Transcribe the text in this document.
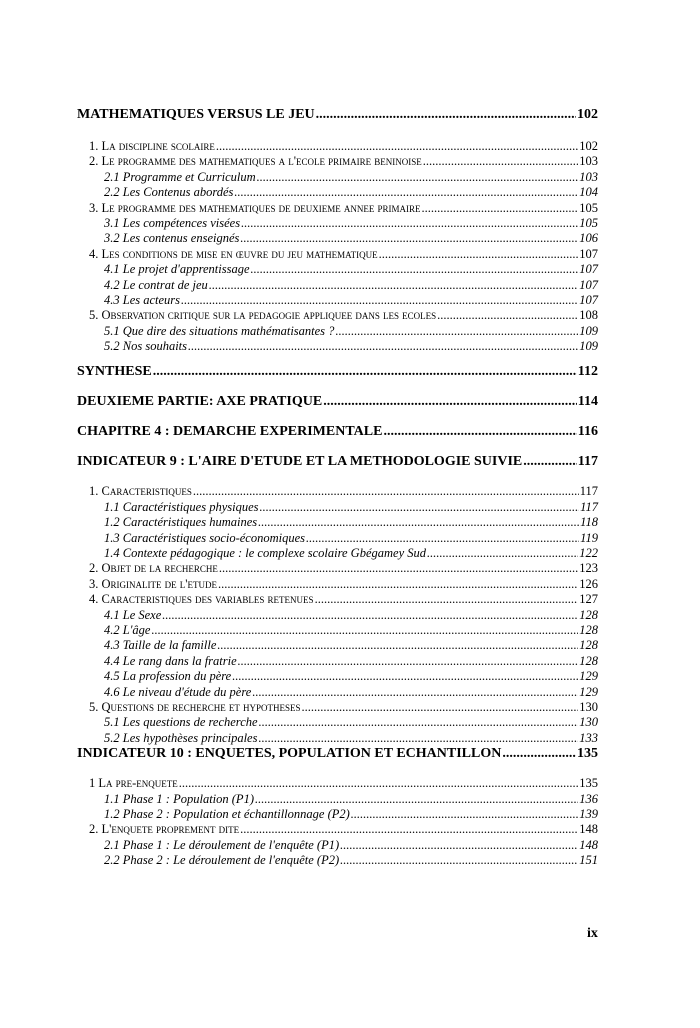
MATHEMATIQUES VERSUS LE JEU .....	102
1. La discipline scolaire .....	102
2. Le programme des mathematiques a l'ecole primaire beninoise .....	103
2.1 Programme et Curriculum .....	103
2.2 Les Contenus abordés .....	104
3. Le programme des mathematiques de deuxieme annee primaire .....	105
3.1 Les compétences visées .....	105
3.2 Les contenus enseignés .....	106
4. Les conditions de mise en œuvre du jeu mathematique .....	107
4.1 Le projet d'apprentissage .....	107
4.2 Le contrat de jeu .....	107
4.3 Les acteurs .....	107
5. Observation critique sur la pedagogie appliquee dans les ecoles .....	108
5.1 Que dire des situations mathématisantes ? .....	109
5.2 Nos souhaits .....	109
SYNTHESE .....	112
DEUXIEME PARTIE: AXE PRATIQUE .....	114
CHAPITRE 4 : DEMARCHE EXPERIMENTALE .....	116
INDICATEUR 9 : L'AIRE D'ETUDE ET LA METHODOLOGIE SUIVIE .....	117
1. Caracteristiques .....	117
1.1 Caractéristiques physiques .....	117
1.2 Caractéristiques humaines .....	118
1.3 Caractéristiques socio-économiques .....	119
1.4 Contexte pédagogique : le complexe scolaire Gbégamey Sud .....	122
2. Objet de la recherche .....	123
3. Originalite de l'etude .....	126
4. Caracteristiques des variables retenues .....	127
4.1 Le Sexe .....	128
4.2 L'âge .....	128
4.3 Taille de la famille .....	128
4.4 Le rang dans la fratrie .....	128
4.5 La profession du père .....	129
4.6 Le niveau d'étude du père .....	129
5. Questions de recherche et hypotheses .....	130
5.1 Les questions de recherche .....	130
5.2 Les hypothèses principales .....	133
INDICATEUR 10 : ENQUETES, POPULATION ET ECHANTILLON .....	135
1 La pre-enquete .....	135
1.1 Phase 1 : Population (P1) .....	136
1.2 Phase 2 : Population et échantillonnage (P2) .....	139
2. L'enquete proprement dite .....	148
2.1 Phase 1 : Le déroulement de l'enquête (P1) .....	148
2.2 Phase 2 : Le déroulement de l'enquête (P2) .....	151
ix
